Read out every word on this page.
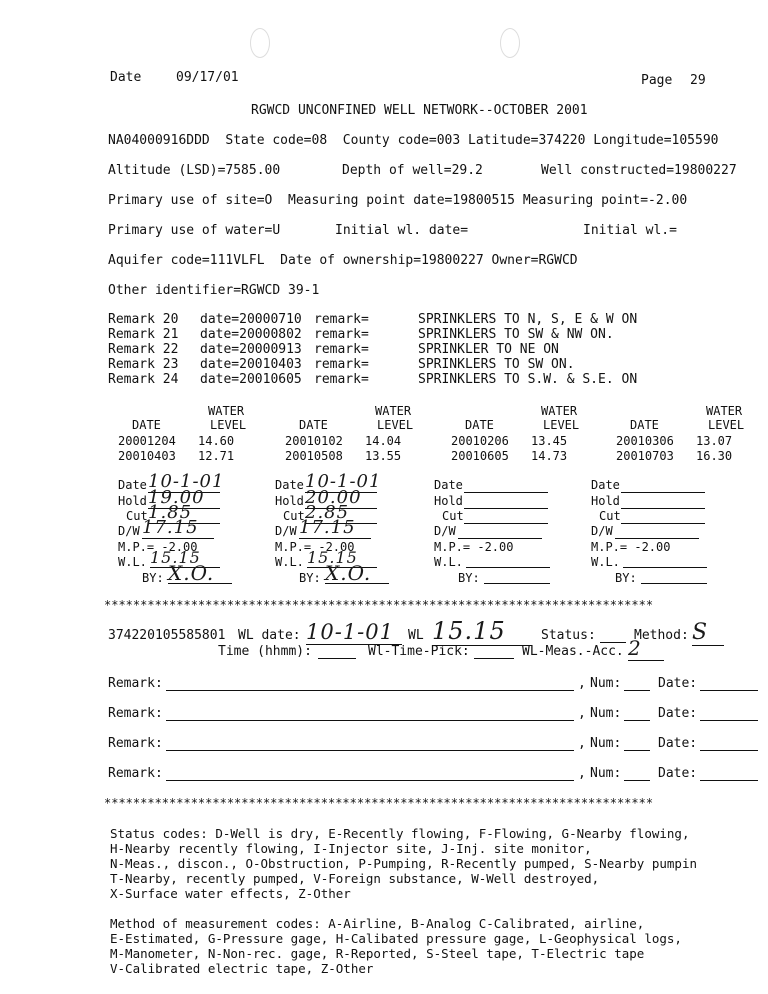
Date	09/17/01	Page 29
RGWCD UNCONFINED WELL NETWORK--OCTOBER 2001
NA04000916DDD  State code=08  County code=003 Latitude=374220 Longitude=105590
Altitude (LSD)=7585.00	Depth of well=29.2	Well constructed=19800227
Primary use of site=O  Measuring point date=19800515 Measuring point=-2.00
Primary use of water=U	Initial wl. date=	Initial wl.=
Aquifer code=111VLFL  Date of ownership=19800227 Owner=RGWCD
Other identifier=RGWCD 39-1
Remark 20 date=20000710 remark=	SPRINKLERS TO N, S, E & W ON
Remark 21 date=20000802 remark=	SPRINKLERS TO SW & NW ON.
Remark 22 date=20000913 remark=	SPRINKLER TO NE ON
Remark 23 date=20010403 remark=	SPRINKLERS TO SW ON.
Remark 24 date=20010605 remark=	SPRINKLERS TO S.W. & S.E. ON
WATER
DATE	LEVEL
20001204 14.60
20010403 12.71
WATER
DATE	LEVEL
20010102 14.04
20010508 13.55
WATER
DATE	LEVEL
20010206 13.45
20010605 14.73
WATER
DATE	LEVEL
20010306 13.07
20010703 16.30
Date 10-1-01
Hold 19.00
Cut 1.85
D/W 17.15
M.P.= -2.00
W.L. 15.15
BY: X.O.
Date 10-1-01
Hold 20.00
Cut 2.85
D/W 17.15
M.P.= -2.00
W.L. 15.15
BY: X.O.
Date
Hold
Cut
D/W
M.P.= -2.00
W.L.
BY:
Date
Hold
Cut
D/W
M.P.= -2.00
W.L.
BY:
****************************************************************************
374220105585801 WL date: 10-1-01	WL 15.15	Status:	Method: S
Time (hhmm):	Wl-Time-Pick:	WL-Meas.-Acc. 2
Remark:	, Num:	Date:
Remark:	, Num:	Date:
Remark:	, Num:	Date:
Remark:	, Num:	Date:
****************************************************************************
Status codes: D-Well is dry, E-Recently flowing, F-Flowing, G-Nearby flowing,
H-Nearby recently flowing, I-Injector site, J-Inj. site monitor,
N-Meas., discon., O-Obstruction, P-Pumping, R-Recently pumped, S-Nearby pumpin
T-Nearby, recently pumped, V-Foreign substance, W-Well destroyed,
X-Surface water effects, Z-Other
Method of measurement codes: A-Airline, B-Analog C-Calibrated, airline,
E-Estimated, G-Pressure gage, H-Calibated pressure gage, L-Geophysical logs,
M-Manometer, N-Non-rec. gage, R-Reported, S-Steel tape, T-Electric tape
V-Calibrated electric tape, Z-Other
